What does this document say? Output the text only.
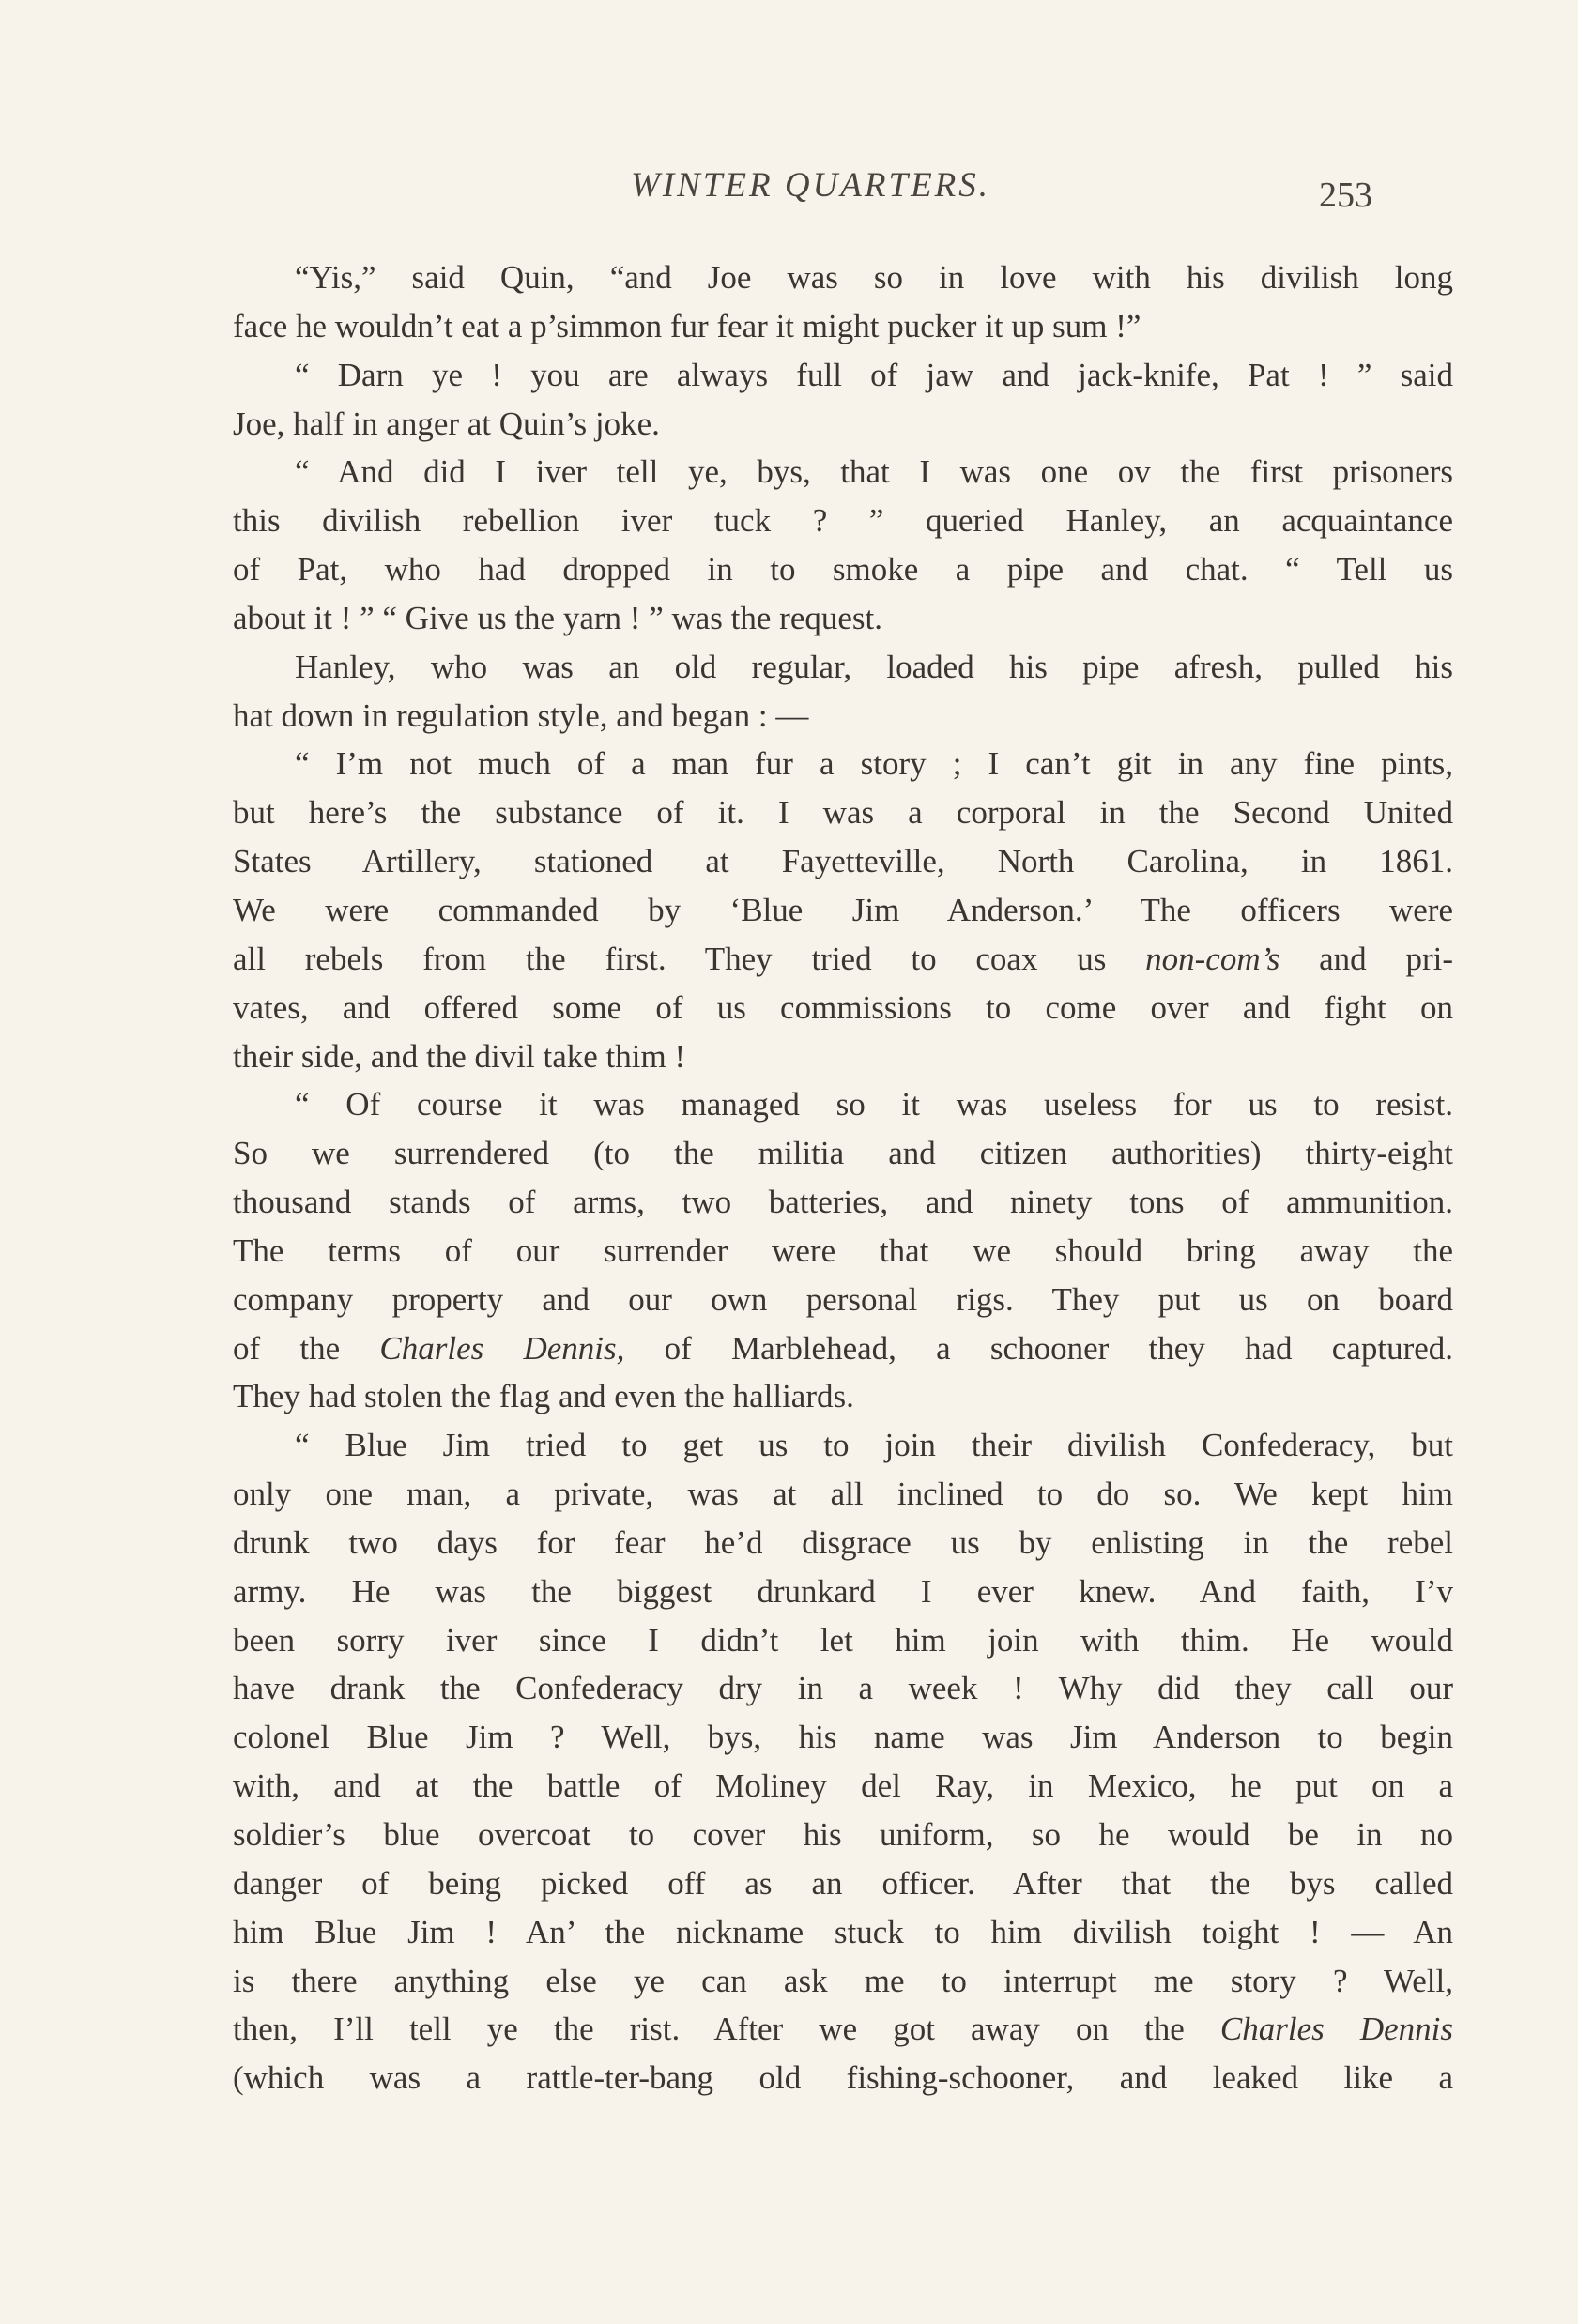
WINTER QUARTERS.	253
“Yis,” said Quin, “and Joe was so in love with his divilish long
face he wouldn’t eat a p’simmon fur fear it might pucker it up sum !”
“ Darn ye ! you are always full of jaw and jack-knife, Pat ! ” said
Joe, half in anger at Quin’s joke.
“ And did I iver tell ye, bys, that I was one ov the first prisoners
this divilish rebellion iver tuck ? ” queried Hanley, an acquaintance
of Pat, who had dropped in to smoke a pipe and chat. “ Tell us
about it ! ” “ Give us the yarn ! ” was the request.
Hanley, who was an old regular, loaded his pipe afresh, pulled his
hat down in regulation style, and began : —
“ I’m not much of a man fur a story ; I can’t git in any fine pints,
but here’s the substance of it. I was a corporal in the Second United
States Artillery, stationed at Fayetteville, North Carolina, in 1861.
We were commanded by ‘Blue Jim Anderson.’ The officers were
all rebels from the first. They tried to coax us non-com’s and pri-
vates, and offered some of us commissions to come over and fight on
their side, and the divil take thim !
“ Of course it was managed so it was useless for us to resist.
So we surrendered (to the militia and citizen authorities) thirty-eight
thousand stands of arms, two batteries, and ninety tons of ammunition.
The terms of our surrender were that we should bring away the
company property and our own personal rigs. They put us on board
of the Charles Dennis, of Marblehead, a schooner they had captured.
They had stolen the flag and even the halliards.
“ Blue Jim tried to get us to join their divilish Confederacy, but
only one man, a private, was at all inclined to do so. We kept him
drunk two days for fear he’d disgrace us by enlisting in the rebel
army. He was the biggest drunkard I ever knew. And faith, I’v
been sorry iver since I didn’t let him join with thim. He would
have drank the Confederacy dry in a week ! Why did they call our
colonel Blue Jim ? Well, bys, his name was Jim Anderson to begin
with, and at the battle of Moliney del Ray, in Mexico, he put on a
soldier’s blue overcoat to cover his uniform, so he would be in no
danger of being picked off as an officer. After that the bys called
him Blue Jim ! An’ the nickname stuck to him divilish toight ! — An
is there anything else ye can ask me to interrupt me story ? Well,
then, I’ll tell ye the rist. After we got away on the Charles Dennis
(which was a rattle-ter-bang old fishing-schooner, and leaked like a
